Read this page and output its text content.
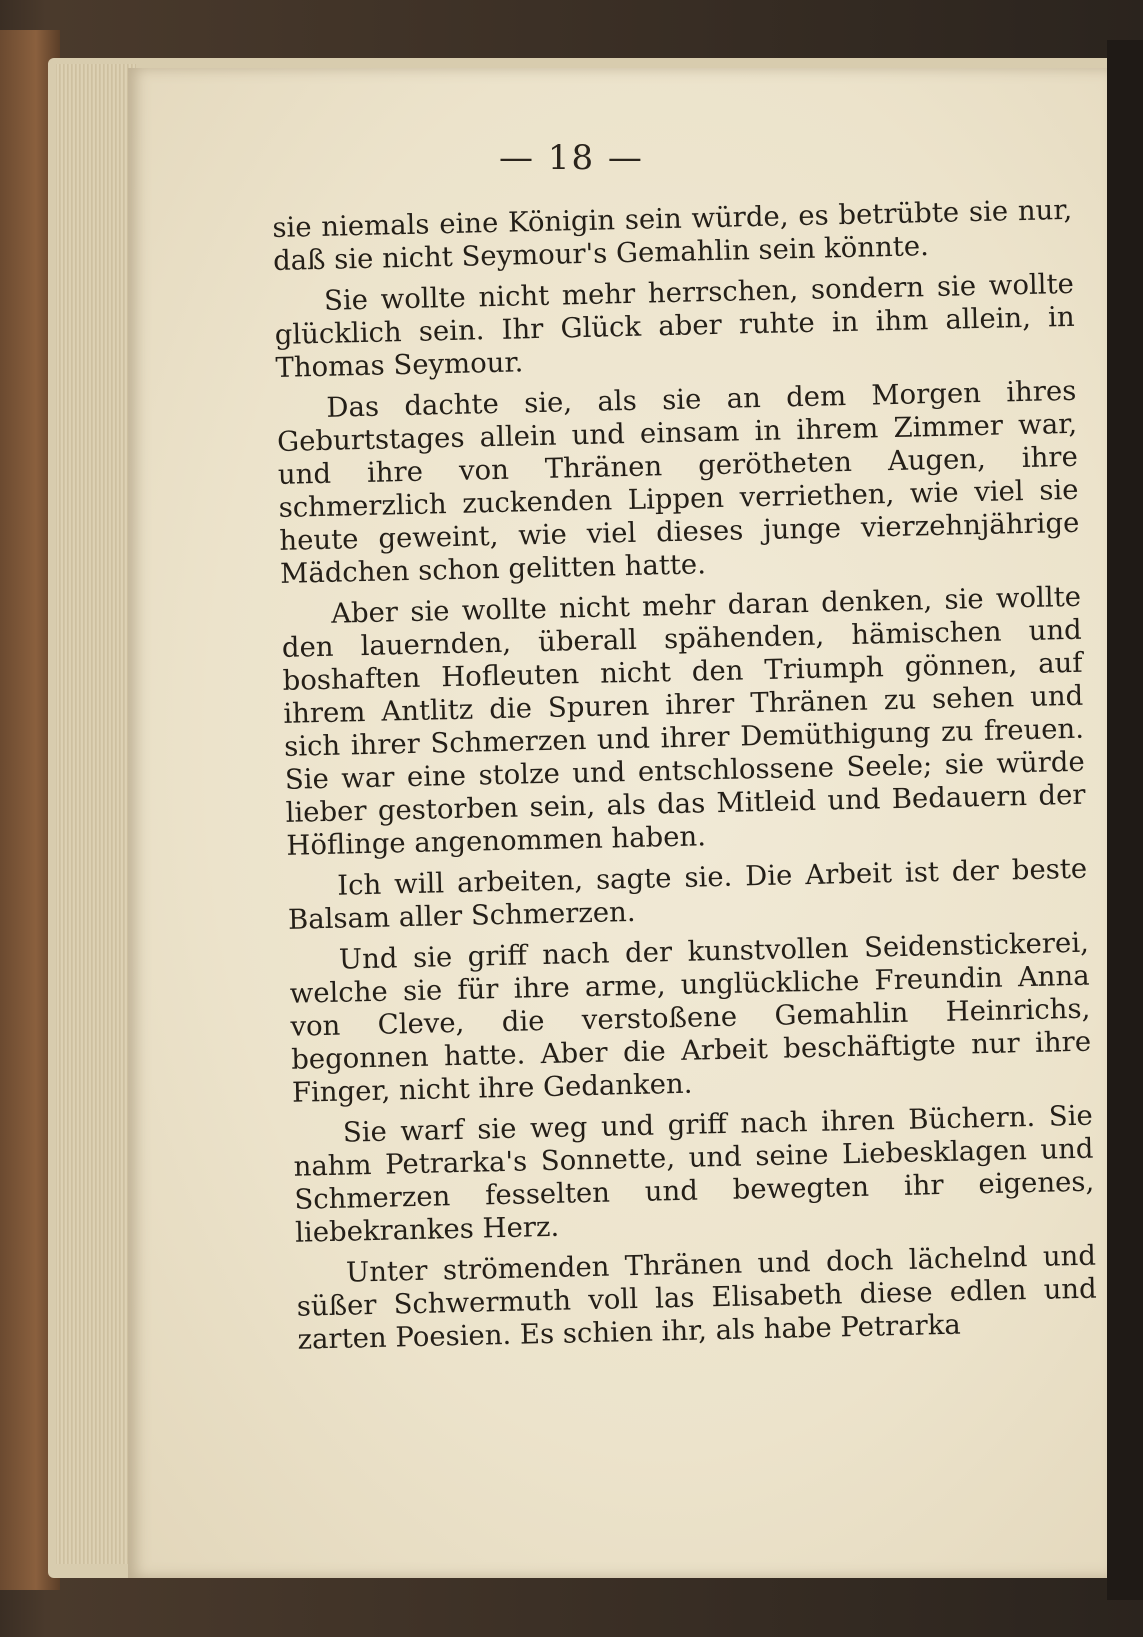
— 18 —

sie niemals eine Königin sein würde, es betrübte sie nur, daß sie nicht Seymour's Gemahlin sein könnte.

Sie wollte nicht mehr herrschen, sondern sie wollte glücklich sein. Ihr Glück aber ruhte in ihm allein, in Thomas Seymour.

Das dachte sie, als sie an dem Morgen ihres Geburtstages allein und einsam in ihrem Zimmer war, und ihre von Thränen gerötheten Augen, ihre schmerzlich zuckenden Lippen verriethen, wie viel sie heute geweint, wie viel dieses junge vierzehnjährige Mädchen schon gelitten hatte.

Aber sie wollte nicht mehr daran denken, sie wollte den lauernden, überall spähenden, hämischen und boshaften Hofleuten nicht den Triumph gönnen, auf ihrem Antlitz die Spuren ihrer Thränen zu sehen und sich ihrer Schmerzen und ihrer Demüthigung zu freuen. Sie war eine stolze und entschlossene Seele; sie würde lieber gestorben sein, als das Mitleid und Bedauern der Höflinge angenommen haben.

Ich will arbeiten, sagte sie. Die Arbeit ist der beste Balsam aller Schmerzen.

Und sie griff nach der kunstvollen Seidenstickerei, welche sie für ihre arme, unglückliche Freundin Anna von Cleve, die verstoßene Gemahlin Heinrichs, begonnen hatte. Aber die Arbeit beschäftigte nur ihre Finger, nicht ihre Gedanken.

Sie warf sie weg und griff nach ihren Büchern. Sie nahm Petrarka's Sonnette, und seine Liebesklagen und Schmerzen fesselten und bewegten ihr eigenes, liebekrankes Herz.

Unter strömenden Thränen und doch lächelnd und süßer Schwermuth voll las Elisabeth diese edlen und zarten Poesien. Es schien ihr, als habe Petrarka
